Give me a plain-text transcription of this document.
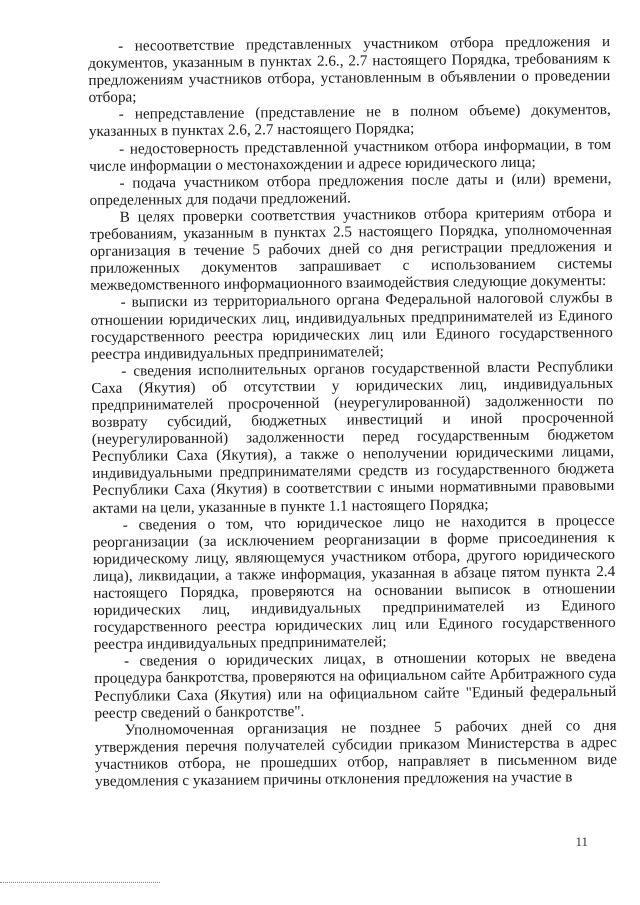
- несоответствие представленных участником отбора предложения и документов, указанным в пунктах 2.6., 2.7 настоящего Порядка, требованиям к предложениям участников отбора, установленным в объявлении о проведении отбора;

- непредставление (представление не в полном объеме) документов, указанных в пунктах 2.6, 2.7 настоящего Порядка;

- недостоверность представленной участником отбора информации, в том числе информации о местонахождении и адресе юридического лица;

- подача участником отбора предложения после даты и (или) времени, определенных для подачи предложений.

В целях проверки соответствия участников отбора критериям отбора и требованиям, указанным в пунктах 2.5 настоящего Порядка, уполномоченная организация в течение 5 рабочих дней со дня регистрации предложения и приложенных документов запрашивает с использованием системы межведомственного информационного взаимодействия следующие документы:

- выписки из территориального органа Федеральной налоговой службы в отношении юридических лиц, индивидуальных предпринимателей из Единого государственного реестра юридических лиц или Единого государственного реестра индивидуальных предпринимателей;

- сведения исполнительных органов государственной власти Республики Саха (Якутия) об отсутствии у юридических лиц, индивидуальных предпринимателей просроченной (неурегулированной) задолженности по возврату субсидий, бюджетных инвестиций и иной просроченной (неурегулированной) задолженности перед государственным бюджетом Республики Саха (Якутия), а также о неполучении юридическими лицами, индивидуальными предпринимателями средств из государственного бюджета Республики Саха (Якутия) в соответствии с иными нормативными правовыми актами на цели, указанные в пункте 1.1 настоящего Порядка;

- сведения о том, что юридическое лицо не находится в процессе реорганизации (за исключением реорганизации в форме присоединения к юридическому лицу, являющемуся участником отбора, другого юридического лица), ликвидации, а также информация, указанная в абзаце пятом пункта 2.4 настоящего Порядка, проверяются на основании выписок в отношении юридических лиц, индивидуальных предпринимателей из Единого государственного реестра юридических лиц или Единого государственного реестра индивидуальных предпринимателей;

- сведения о юридических лицах, в отношении которых не введена процедура банкротства, проверяются на официальном сайте Арбитражного суда Республики Саха (Якутия) или на официальном сайте "Единый федеральный реестр сведений о банкротстве".

Уполномоченная организация не позднее 5 рабочих дней со дня утверждения перечня получателей субсидии приказом Министерства в адрес участников отбора, не прошедших отбор, направляет в письменном виде уведомления с указанием причины отклонения предложения на участие в

11
